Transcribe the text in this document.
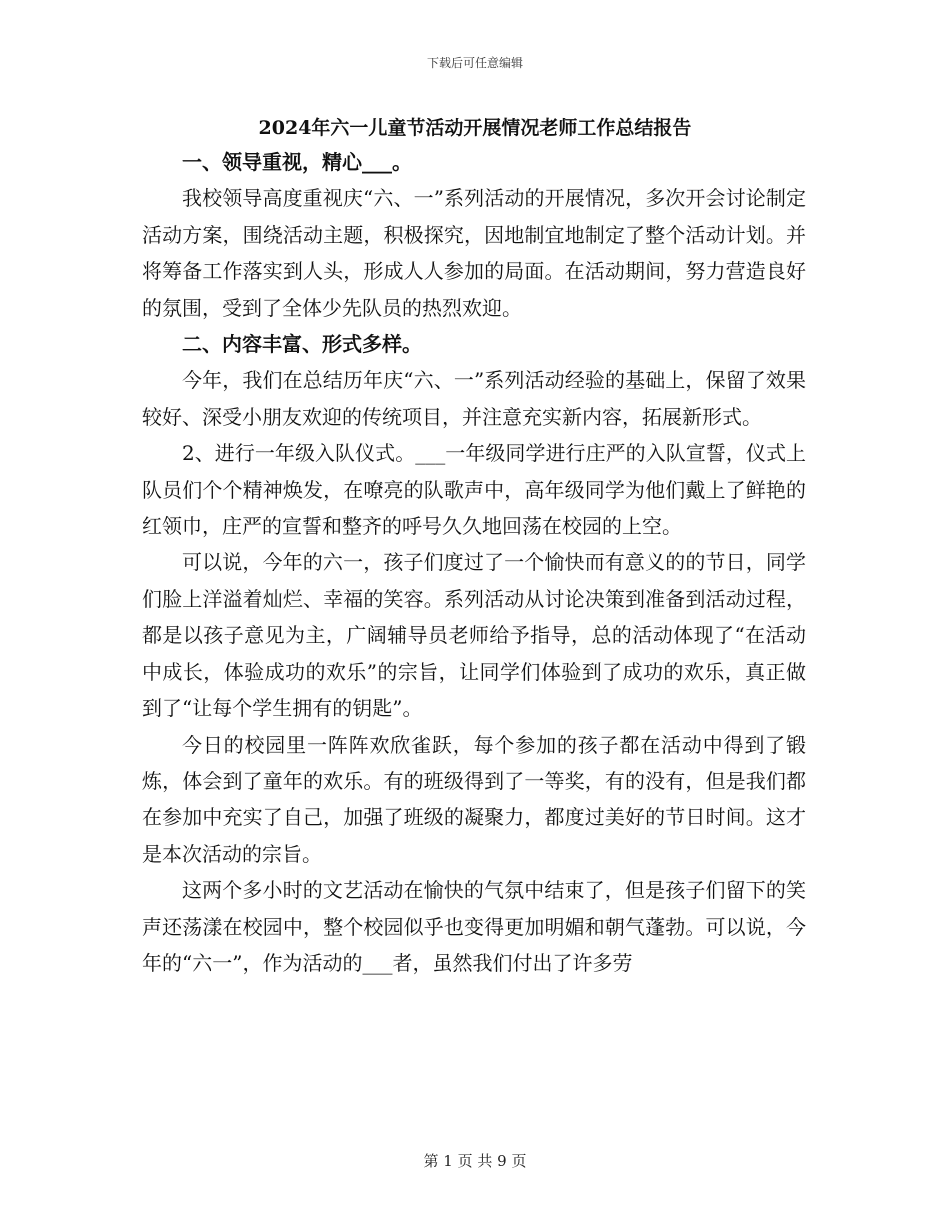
下载后可任意编辑
2024年六一儿童节活动开展情况老师工作总结报告

一、领导重视，精心___。

我校领导高度重视庆“六、一”系列活动的开展情况，多次开会讨论制定活动方案，围绕活动主题，积极探究，因地制宜地制定了整个活动计划。并将筹备工作落实到人头，形成人人参加的局面。在活动期间，努力营造良好的氛围，受到了全体少先队员的热烈欢迎。

二、内容丰富、形式多样。

今年，我们在总结历年庆“六、一”系列活动经验的基础上，保留了效果较好、深受小朋友欢迎的传统项目，并注意充实新内容，拓展新形式。

2、进行一年级入队仪式。___一年级同学进行庄严的入队宣誓，仪式上队员们个个精神焕发，在嘹亮的队歌声中，高年级同学为他们戴上了鲜艳的红领巾，庄严的宣誓和整齐的呼号久久地回荡在校园的上空。

可以说，今年的六一，孩子们度过了一个愉快而有意义的的节日，同学们脸上洋溢着灿烂、幸福的笑容。系列活动从讨论决策到准备到活动过程，都是以孩子意见为主，广阔辅导员老师给予指导，总的活动体现了“在活动中成长，体验成功的欢乐”的宗旨，让同学们体验到了成功的欢乐，真正做到了“让每个学生拥有的钥匙”。

今日的校园里一阵阵欢欣雀跃，每个参加的孩子都在活动中得到了锻炼，体会到了童年的欢乐。有的班级得到了一等奖，有的没有，但是我们都在参加中充实了自己，加强了班级的凝聚力，都度过美好的节日时间。这才是本次活动的宗旨。

这两个多小时的文艺活动在愉快的气氛中结束了，但是孩子们留下的笑声还荡漾在校园中，整个校园似乎也变得更加明媚和朝气蓬勃。可以说，今年的“六一”，作为活动的___者，虽然我们付出了许多劳

第 1 页 共 9 页
